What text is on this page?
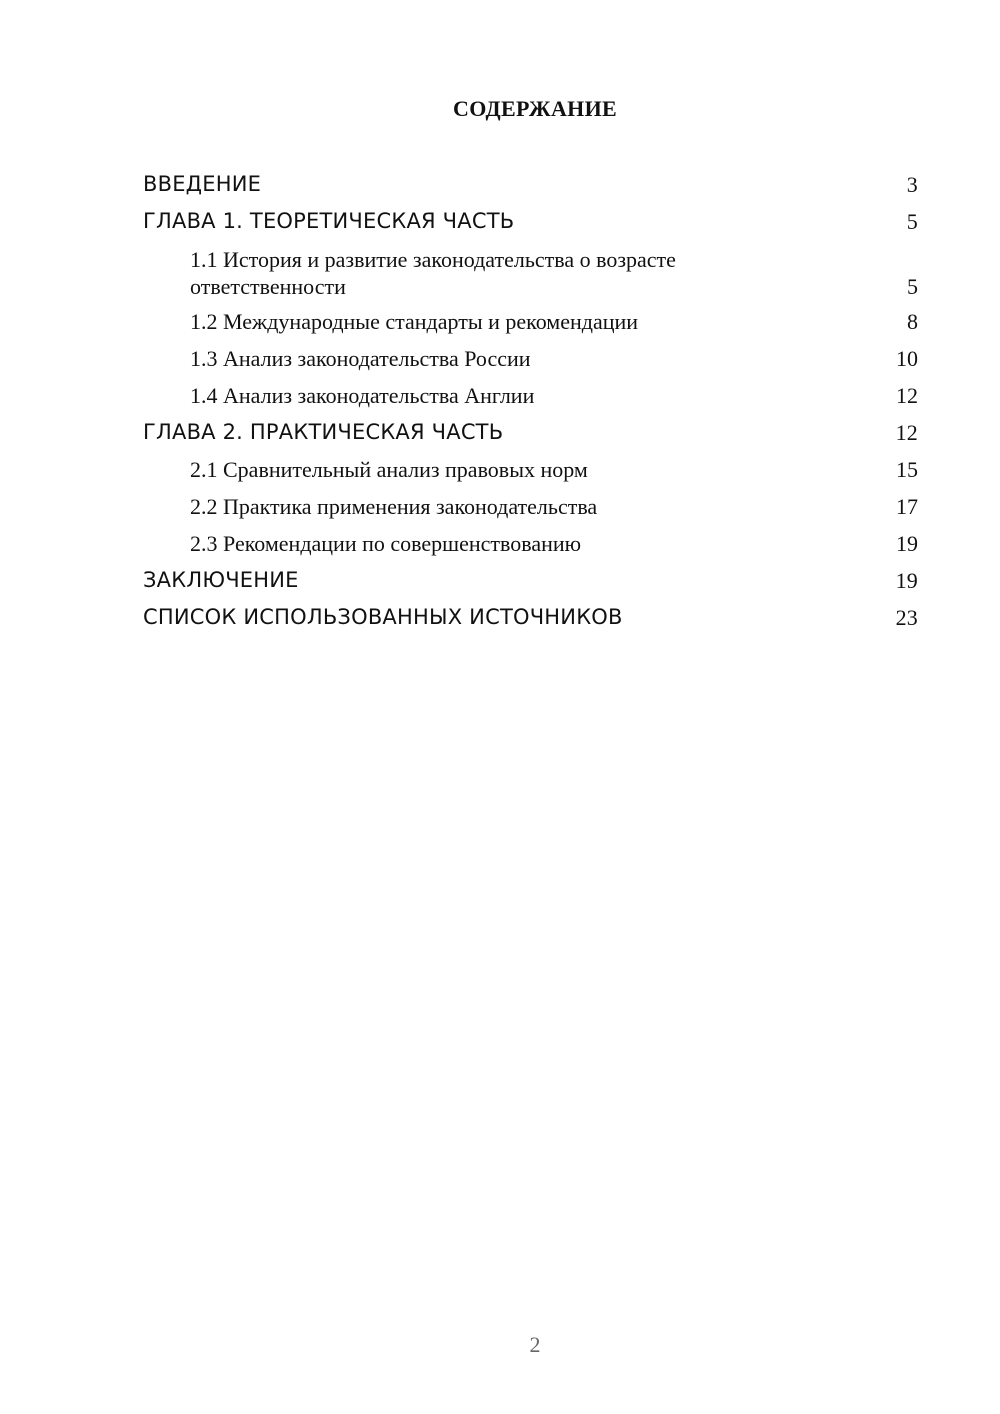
СОДЕРЖАНИЕ
ВВЕДЕНИЕ	3
ГЛАВА 1. ТЕОРЕТИЧЕСКАЯ ЧАСТЬ	5
1.1 История и развитие законодательства о возрасте ответственности	5
1.2 Международные стандарты и рекомендации	8
1.3 Анализ законодательства России	10
1.4 Анализ законодательства Англии	12
ГЛАВА 2. ПРАКТИЧЕСКАЯ ЧАСТЬ	12
2.1 Сравнительный анализ правовых норм	15
2.2 Практика применения законодательства	17
2.3 Рекомендации по совершенствованию	19
ЗАКЛЮЧЕНИЕ	19
СПИСОК ИСПОЛЬЗОВАННЫХ ИСТОЧНИКОВ	23
2
